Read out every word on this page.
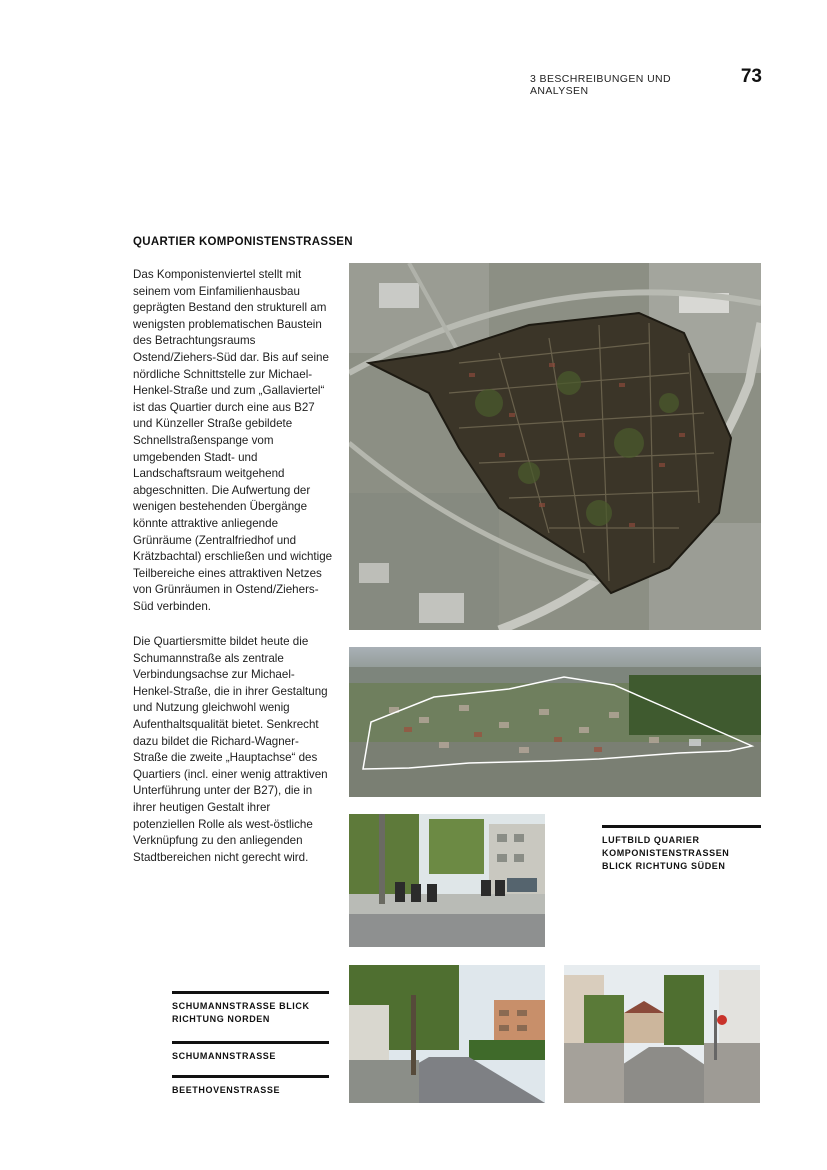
3 BESCHREIBUNGEN UND ANALYSEN
73
QUARTIER KOMPONISTENSTRASSEN
Das Komponistenviertel stellt mit seinem vom Einfamilienhausbau geprägten Bestand den strukturell am wenigsten problematischen Baustein des Betrachtungsraums Ostend/Ziehers-Süd dar. Bis auf seine nördliche Schnittstelle zur Michael-Henkel-Straße und zum „Gallaviertel“ ist das Quartier durch eine aus B27 und Künzeller Straße gebildete Schnellstraßenspange vom umgebenden Stadt- und Landschaftsraum weitgehend abgeschnitten. Die Aufwertung der wenigen bestehenden Übergänge könnte attraktive anliegende Grünräume (Zentralfriedhof und Krätzbachtal) erschließen und wichtige Teilbereiche eines attraktiven Netzes von Grünräumen in Ostend/Ziehers-Süd verbinden.
Die Quartiersmitte bildet heute die Schumannstraße als zentrale Verbindungsachse zur Michael-Henkel-Straße, die in ihrer Gestaltung und Nutzung gleichwohl wenig Aufenthaltsqualität bietet. Senkrecht dazu bildet die Richard-Wagner-Straße die zweite „Hauptachse“ des Quartiers (incl. einer wenig attraktiven Unterführung unter der B27), die in ihrer heutigen Gestalt ihrer potenziellen Rolle als west-östliche Verknüpfung zu den anliegenden Stadtbereichen nicht gerecht wird.
LUFTBILD QUARIER KOMPONISTENSTRASSEN BLICK RICHTUNG SÜDEN
SCHUMANNSTRASSE BLICK RICHTUNG NORDEN
SCHUMANNSTRASSE
BEETHOVENSTRASSE
